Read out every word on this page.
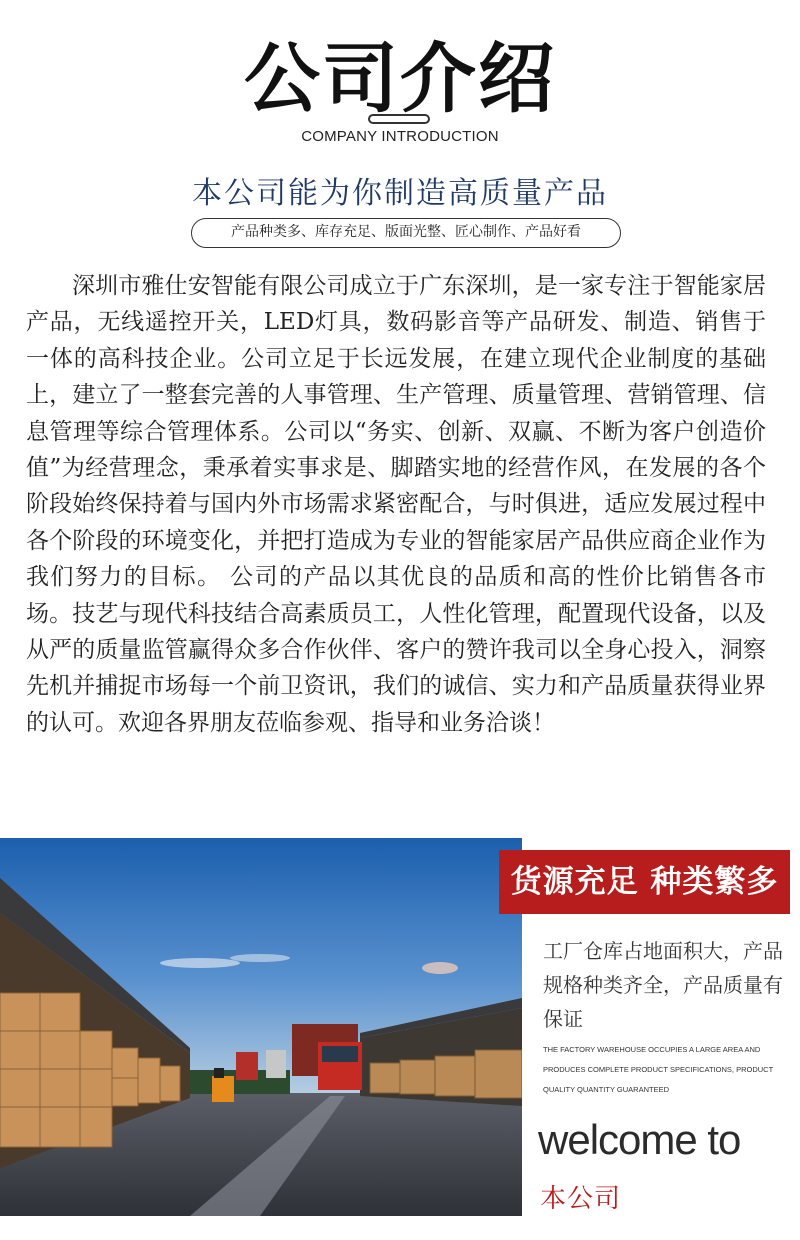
公司介绍
COMPANY INTRODUCTION
本公司能为你制造高质量产品
产品种类多、库存充足、版面光整、匠心制作、产品好看

深圳市雅仕安智能有限公司成立于广东深圳，是一家专注于智能家居产品，无线遥控开关，LED灯具，数码影音等产品研发、制造、销售于一体的高科技企业。公司立足于长远发展，在建立现代企业制度的基础上，建立了一整套完善的人事管理、生产管理、质量管理、营销管理、信息管理等综合管理体系。公司以“务实、创新、双赢、不断为客户创造价值”为经营理念，秉承着实事求是、脚踏实地的经营作风，在发展的各个阶段始终保持着与国内外市场需求紧密配合，与时俱进，适应发展过程中各个阶段的环境变化，并把打造成为专业的智能家居产品供应商企业作为我们努力的目标。 公司的产品以其优良的品质和高的性价比销售各市场。技艺与现代科技结合高素质员工，人性化管理，配置现代设备，以及从严的质量监管赢得众多合作伙伴、客户的赞许我司以全身心投入，洞察先机并捕捉市场每一个前卫资讯，我们的诚信、实力和产品质量获得业界的认可。欢迎各界朋友莅临参观、指导和业务洽谈！

货源充足 种类繁多

工厂仓库占地面积大，产品规格种类齐全，产品质量有保证

THE FACTORY WAREHOUSE OCCUPIES A LARGE AREA AND PRODUCES COMPLETE PRODUCT SPECIFICATIONS, PRODUCT QUALITY QUANTITY GUARANTEED

welcome to
本公司
